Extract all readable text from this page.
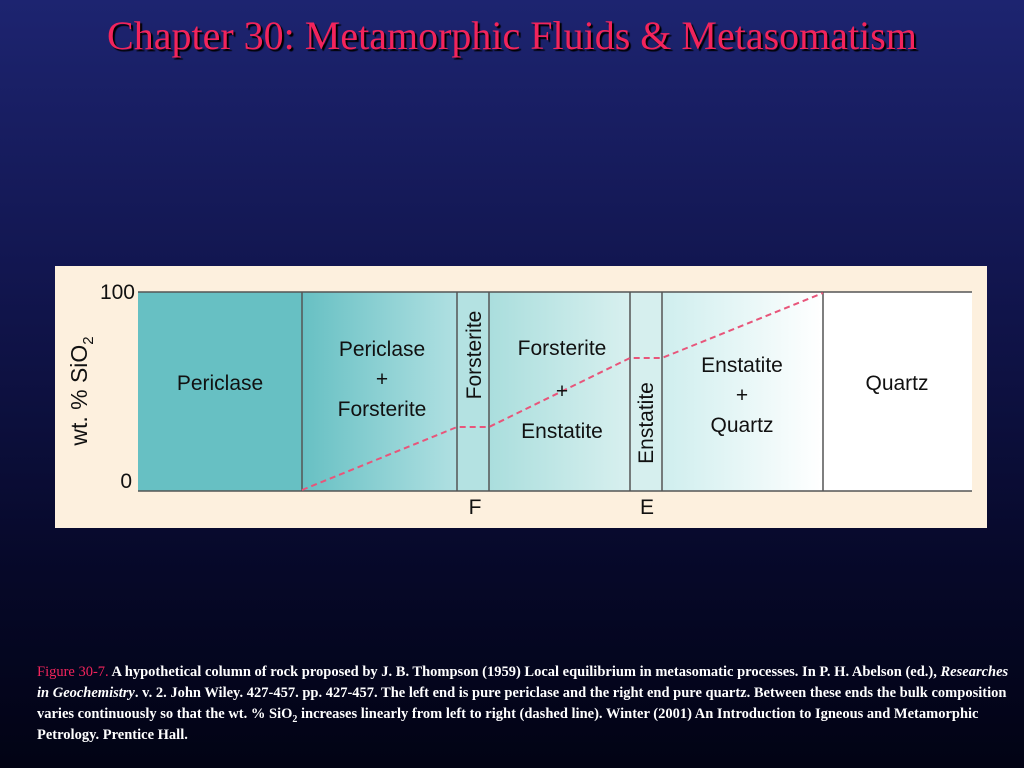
Chapter 30: Metamorphic Fluids & Metasomatism
100
0
wt. % SiO$_2$
Periclase
Periclase
+
Forsterite
Forsterite Forsterite
+
Enstatite Enstatite
Enstatite
+
Quartz
Quartz
F	E
Figure 30-7. A hypothetical column of rock proposed by J. B. Thompson (1959) Local equilibrium in metasomatic processes. In P. H. Abelson (ed.), Researches in Geochemistry. v. 2. John Wiley. 427-457. pp. 427-457. The left end is pure periclase and the right end pure quartz. Between these ends the bulk composition varies continuously so that the wt. % SiO$_2$ increases linearly from left to right (dashed line). Winter (2001) An Introduction to Igneous and Metamorphic Petrology. Prentice Hall.
